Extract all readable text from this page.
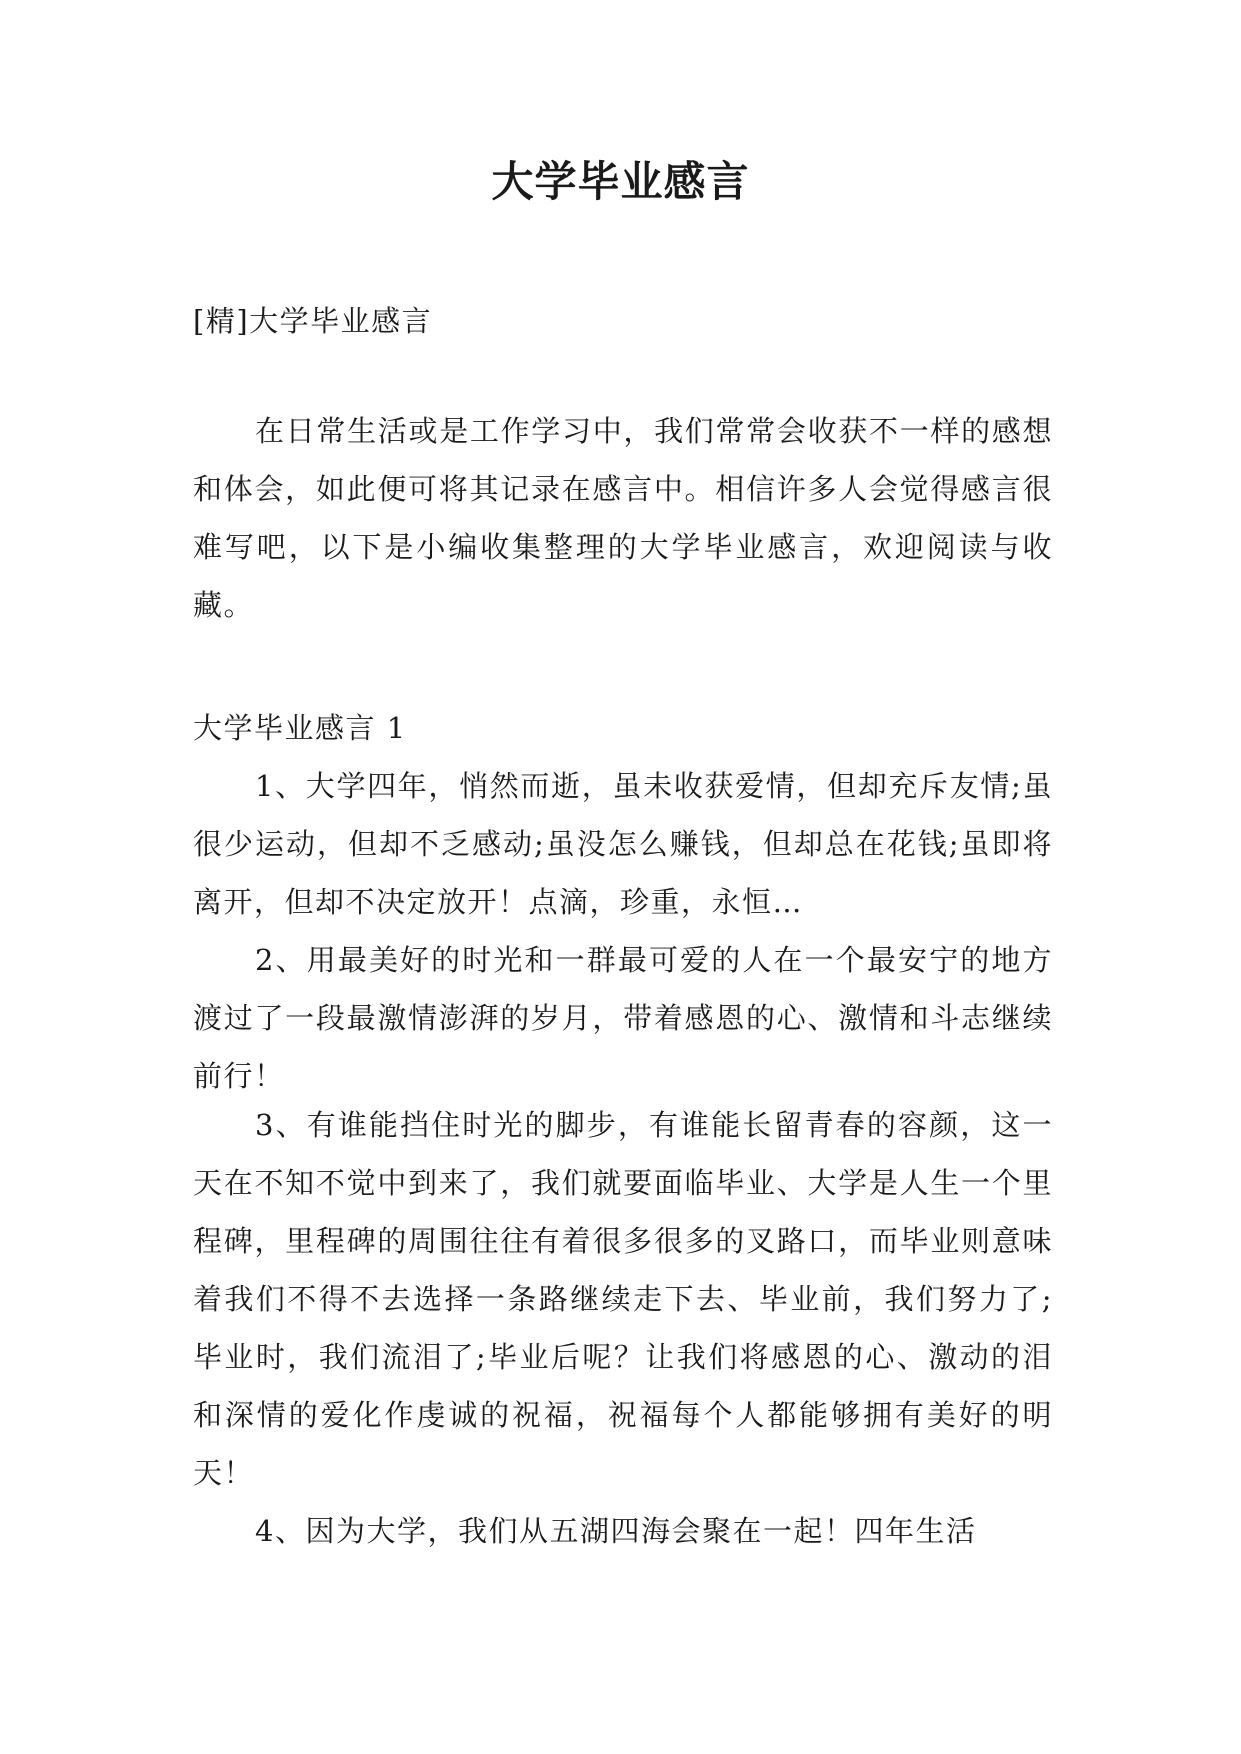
大学毕业感言

[精]大学毕业感言

在日常生活或是工作学习中，我们常常会收获不一样的感想和体会，如此便可将其记录在感言中。相信许多人会觉得感言很难写吧，以下是小编收集整理的大学毕业感言，欢迎阅读与收藏。

大学毕业感言 1

1、大学四年，悄然而逝，虽未收获爱情，但却充斥友情;虽很少运动，但却不乏感动;虽没怎么赚钱，但却总在花钱;虽即将离开，但却不决定放开！点滴，珍重，永恒…

2、用最美好的时光和一群最可爱的人在一个最安宁的地方渡过了一段最激情澎湃的岁月，带着感恩的心、激情和斗志继续前行！

3、有谁能挡住时光的脚步，有谁能长留青春的容颜，这一天在不知不觉中到来了，我们就要面临毕业、大学是人生一个里程碑，里程碑的周围往往有着很多很多的叉路口，而毕业则意味着我们不得不去选择一条路继续走下去、毕业前，我们努力了;毕业时，我们流泪了;毕业后呢？让我们将感恩的心、激动的泪和深情的爱化作虔诚的祝福，祝福每个人都能够拥有美好的明天！

4、因为大学，我们从五湖四海会聚在一起！四年生活
